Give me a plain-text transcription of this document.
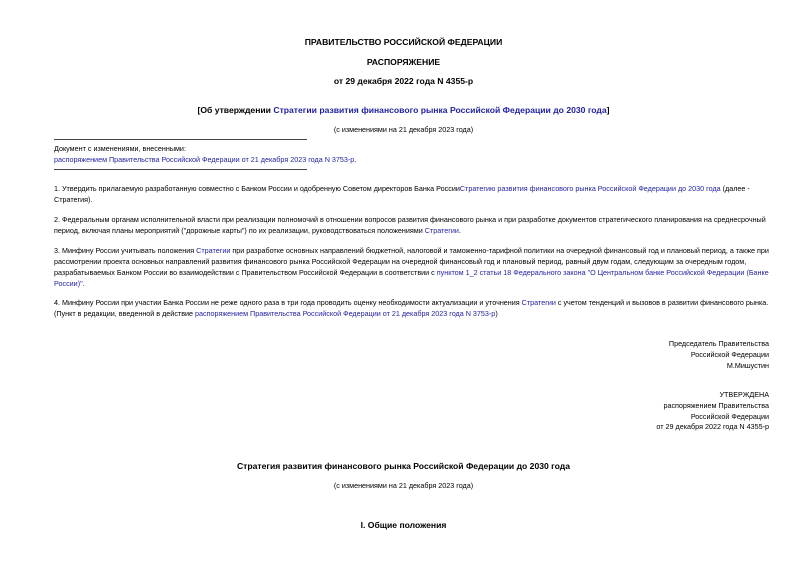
ПРАВИТЕЛЬСТВО РОССИЙСКОЙ ФЕДЕРАЦИИ
РАСПОРЯЖЕНИЕ
от 29 декабря 2022 года N 4355-р
[Об утверждении Стратегии развития финансового рынка Российской Федерации до 2030 года]
(с изменениями на 21 декабря 2023 года)
Документ с изменениями, внесенными:
распоряжением Правительства Российской Федерации от 21 декабря 2023 года N 3753-р.
1. Утвердить прилагаемую разработанную совместно с Банком России и одобренную Советом директоров Банка РоссииСтратегию развития финансового рынка Российской Федерации до 2030 года (далее -
Стратегия).
2. Федеральным органам исполнительной власти при реализации полномочий в отношении вопросов развития финансового рынка и при разработке документов стратегического планирования на среднесрочный
период, включая планы мероприятий ("дорожные карты") по их реализации, руководствоваться положениями Стратегии.
3. Минфину России учитывать положения Стратегии при разработке основных направлений бюджетной, налоговой и таможенно-тарифной политики на очередной финансовый год и плановый период, а также при
рассмотрении проекта основных направлений развития финансового рынка Российской Федерации на очередной финансовый год и плановый период, равный двум годам, следующим за очередным годом,
разрабатываемых Банком России во взаимодействии с Правительством Российской Федерации в соответствии с пунктом 1_2 статьи 18 Федерального закона "О Центральном банке Российской Федерации (Банке
России)".
4. Минфину России при участии Банка России не реже одного раза в три года проводить оценку необходимости актуализации и уточнения Стратегии с учетом тенденций и вызовов в развитии финансового рынка.
(Пункт в редакции, введенной в действие распоряжением Правительства Российской Федерации от 21 декабря 2023 года N 3753-р)
Председатель Правительства
Российской Федерации
М.Мишустин
УТВЕРЖДЕНА
распоряжением Правительства
Российской Федерации
от 29 декабря 2022 года N 4355-р
Стратегия развития финансового рынка Российской Федерации до 2030 года
(с изменениями на 21 декабря 2023 года)
I. Общие положения
